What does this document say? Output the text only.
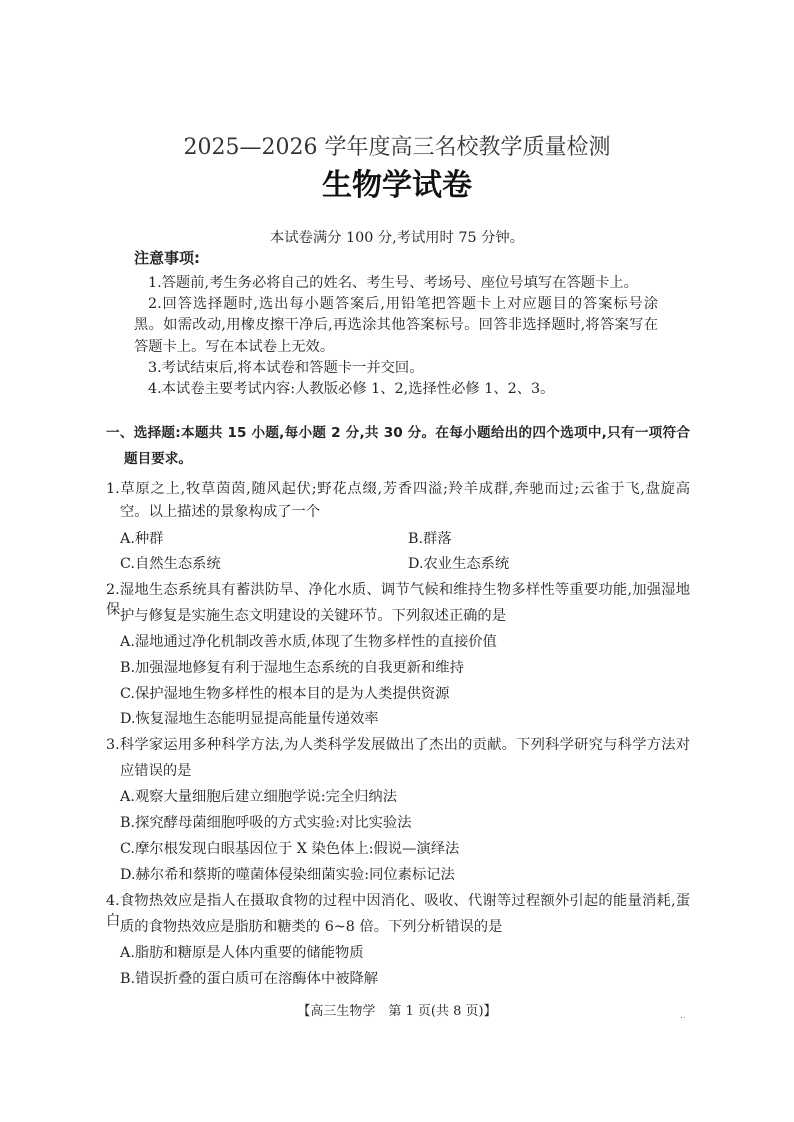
2025—2026 学年度高三名校教学质量检测
生物学试卷
本试卷满分 100 分,考试用时 75 分钟。
注意事项:
1.答题前,考生务必将自己的姓名、考生号、考场号、座位号填写在答题卡上。
2.回答选择题时,选出每小题答案后,用铅笔把答题卡上对应题目的答案标号涂
黑。如需改动,用橡皮擦干净后,再选涂其他答案标号。回答非选择题时,将答案写在
答题卡上。写在本试卷上无效。
3.考试结束后,将本试卷和答题卡一并交回。
4.本试卷主要考试内容:人教版必修 1、2,选择性必修 1、2、3。
一、选择题:本题共 15 小题,每小题 2 分,共 30 分。在每小题给出的四个选项中,只有一项符合
题目要求。
1.草原之上,牧草茵茵,随风起伏;野花点缀,芳香四溢;羚羊成群,奔驰而过;云雀于飞,盘旋高
空。以上描述的景象构成了一个
A.种群	B.群落
C.自然生态系统	D.农业生态系统
2.湿地生态系统具有蓄洪防旱、净化水质、调节气候和维持生物多样性等重要功能,加强湿地保 护与修复是实施生态文明建设的关键环节。下列叙述正确的是
A.湿地通过净化机制改善水质,体现了生物多样性的直接价值
B.加强湿地修复有利于湿地生态系统的自我更新和维持
C.保护湿地生物多样性的根本目的是为人类提供资源
D.恢复湿地生态能明显提高能量传递效率
3.科学家运用多种科学方法,为人类科学发展做出了杰出的贡献。下列科学研究与科学方法对
应错误的是
A.观察大量细胞后建立细胞学说:完全归纳法
B.探究酵母菌细胞呼吸的方式实验:对比实验法
C.摩尔根发现白眼基因位于 X 染色体上:假说—演绎法
D.赫尔希和蔡斯的噬菌体侵染细菌实验:同位素标记法
4.食物热效应是指人在摄取食物的过程中因消化、吸收、代谢等过程额外引起的能量消耗,蛋白 质的食物热效应是脂肪和糖类的 6~8 倍。下列分析错误的是
A.脂肪和糖原是人体内重要的储能物质
B.错误折叠的蛋白质可在溶酶体中被降解
【高三生物学　第 1 页(共 8 页)】	..
